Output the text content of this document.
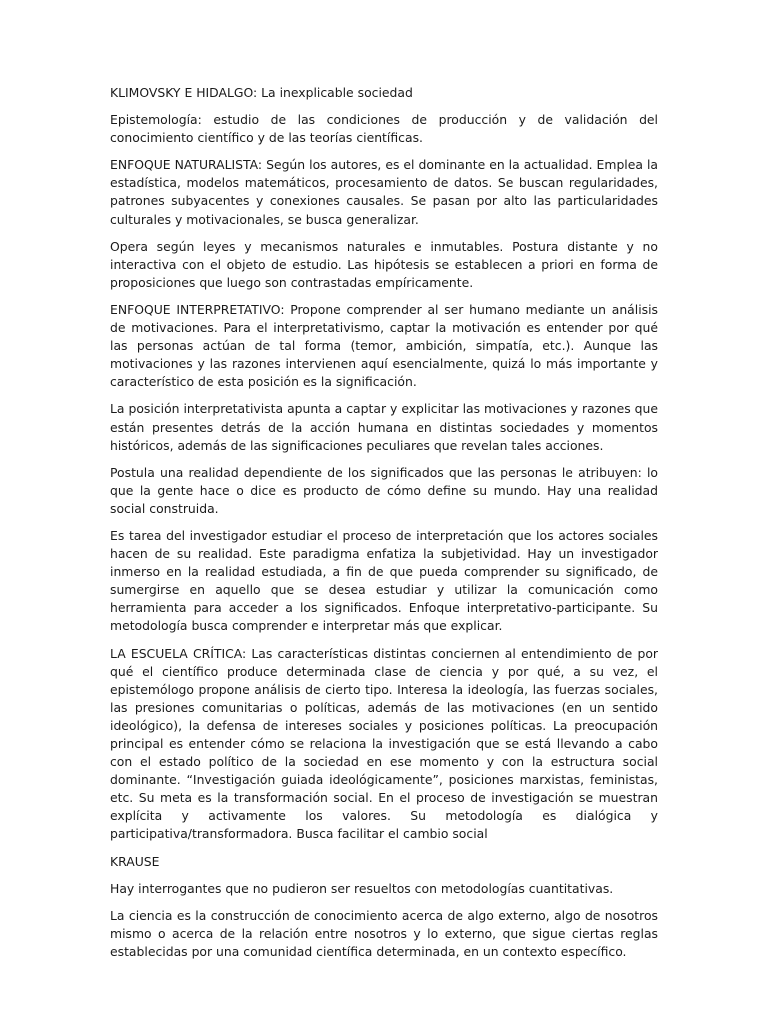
KLIMOVSKY E HIDALGO: La inexplicable sociedad

Epistemología: estudio de las condiciones de producción y de validación del conocimiento científico y de las teorías científicas.

ENFOQUE NATURALISTA: Según los autores, es el dominante en la actualidad. Emplea la estadística, modelos matemáticos, procesamiento de datos. Se buscan regularidades, patrones subyacentes y conexiones causales. Se pasan por alto las particularidades culturales y motivacionales, se busca generalizar.

Opera según leyes y mecanismos naturales e inmutables. Postura distante y no interactiva con el objeto de estudio. Las hipótesis se establecen a priori en forma de proposiciones que luego son contrastadas empíricamente.

ENFOQUE INTERPRETATIVO: Propone comprender al ser humano mediante un análisis de motivaciones. Para el interpretativismo, captar la motivación es entender por qué las personas actúan de tal forma (temor, ambición, simpatía, etc.). Aunque las motivaciones y las razones intervienen aquí esencialmente, quizá lo más importante y característico de esta posición es la significación.

La posición interpretativista apunta a captar y explicitar las motivaciones y razones que están presentes detrás de la acción humana en distintas sociedades y momentos históricos, además de las significaciones peculiares que revelan tales acciones.

Postula una realidad dependiente de los significados que las personas le atribuyen: lo que la gente hace o dice es producto de cómo define su mundo. Hay una realidad social construida.

Es tarea del investigador estudiar el proceso de interpretación que los actores sociales hacen de su realidad. Este paradigma enfatiza la subjetividad. Hay un investigador inmerso en la realidad estudiada, a fin de que pueda comprender su significado, de sumergirse en aquello que se desea estudiar y utilizar la comunicación como herramienta para acceder a los significados. Enfoque interpretativo-participante. Su metodología busca comprender e interpretar más que explicar.

LA ESCUELA CRÍTICA: Las características distintas conciernen al entendimiento de por qué el científico produce determinada clase de ciencia y por qué, a su vez, el epistemólogo propone análisis de cierto tipo. Interesa la ideología, las fuerzas sociales, las presiones comunitarias o políticas, además de las motivaciones (en un sentido ideológico), la defensa de intereses sociales y posiciones políticas. La preocupación principal es entender cómo se relaciona la investigación que se está llevando a cabo con el estado político de la sociedad en ese momento y con la estructura social dominante. “Investigación guiada ideológicamente”, posiciones marxistas, feministas, etc. Su meta es la transformación social. En el proceso de investigación se muestran explícita y activamente los valores. Su metodología es dialógica y participativa/transformadora. Busca facilitar el cambio social

KRAUSE

Hay interrogantes que no pudieron ser resueltos con metodologías cuantitativas.

La ciencia es la construcción de conocimiento acerca de algo externo, algo de nosotros mismo o acerca de la relación entre nosotros y lo externo, que sigue ciertas reglas establecidas por una comunidad científica determinada, en un contexto específico.
